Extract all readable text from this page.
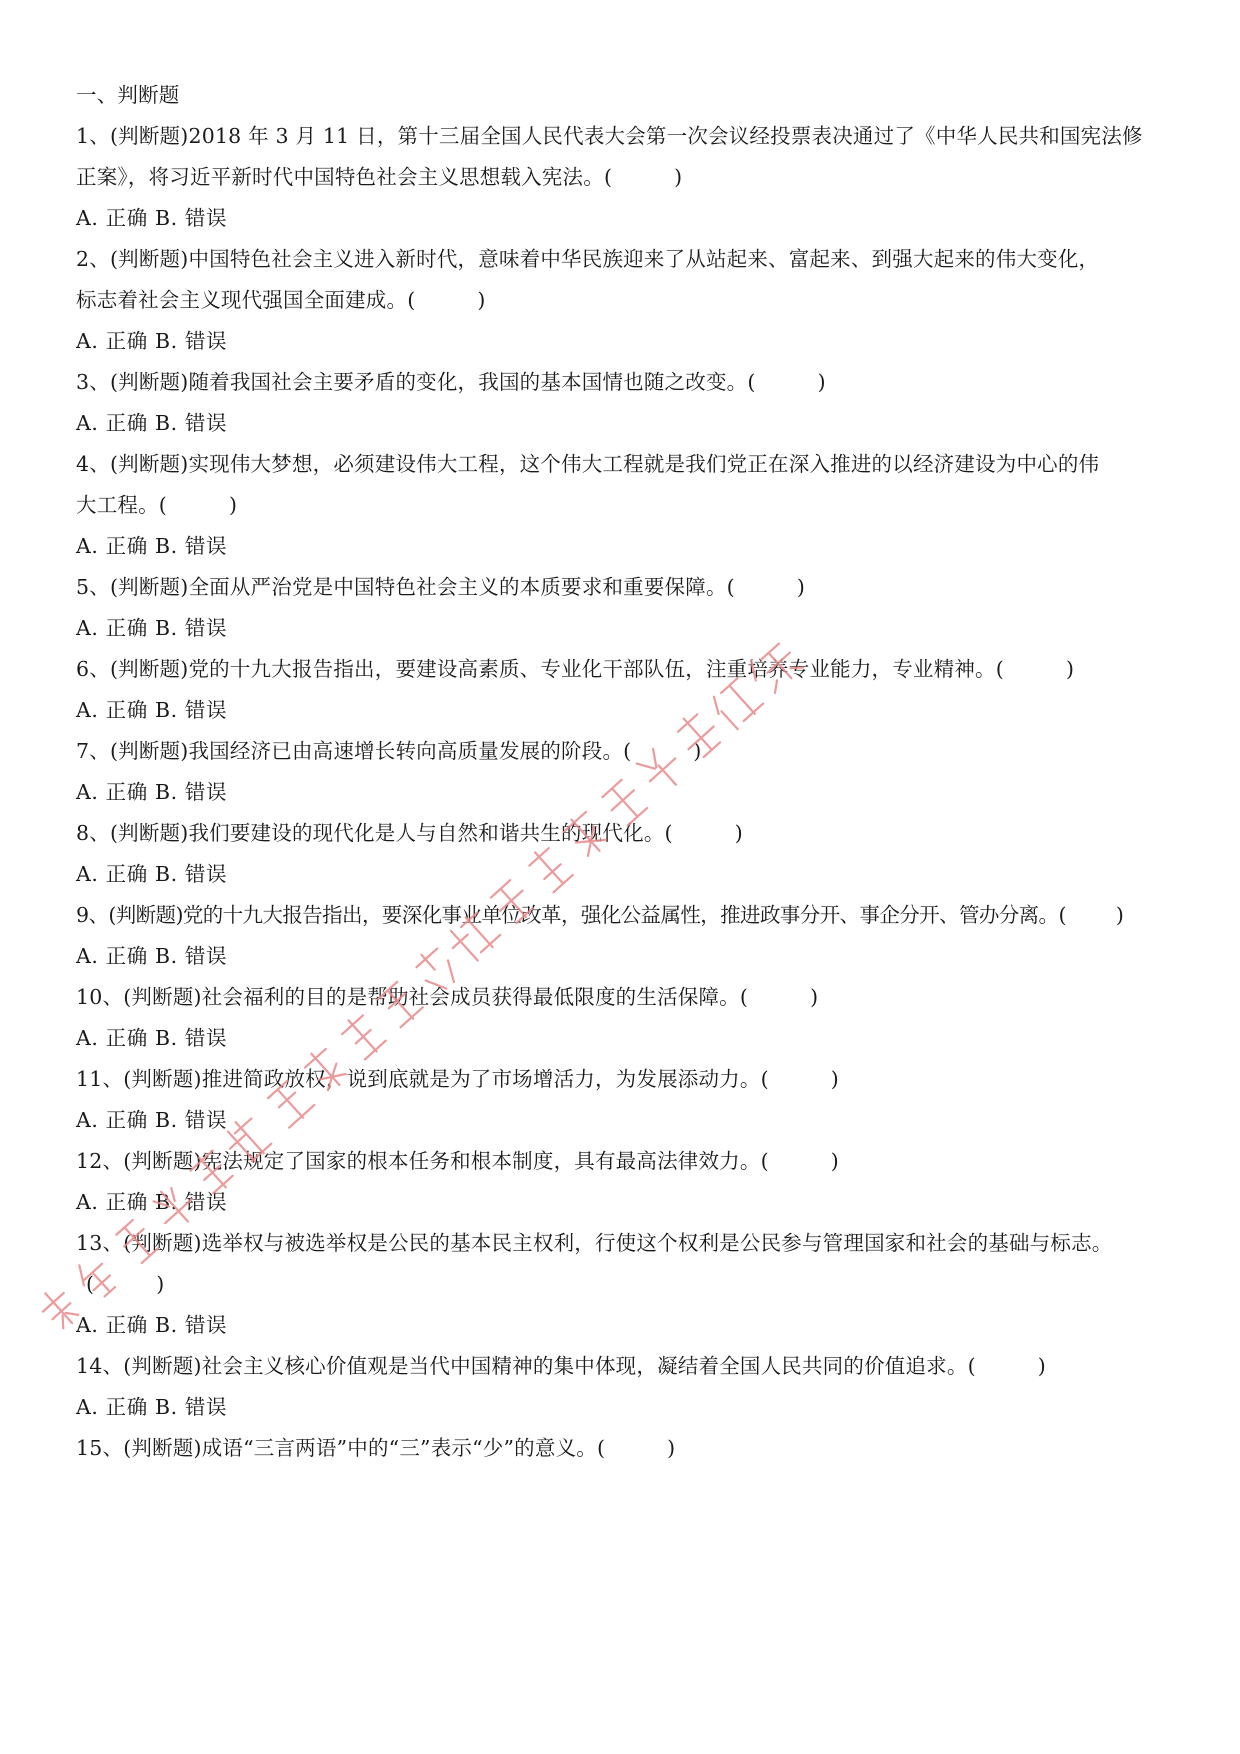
一、判断题
1、(判断题)2018 年 3 月 11 日，第十三届全国人民代表大会第一次会议经投票表决通过了《中华人民共和国宪法修
正案》，将习近平新时代中国特色社会主义思想载入宪法。(	)
A. 正确 B. 错误
2、(判断题)中国特色社会主义进入新时代，意味着中华民族迎来了从站起来、富起来、到强大起来的伟大变化，
标志着社会主义现代强国全面建成。(	)
A. 正确 B. 错误
3、(判断题)随着我国社会主要矛盾的变化，我国的基本国情也随之改变。(	)
A. 正确 B. 错误
4、(判断题)实现伟大梦想，必须建设伟大工程，这个伟大工程就是我们党正在深入推进的以经济建设为中心的伟
大工程。(	)
A. 正确 B. 错误
5、(判断题)全面从严治党是中国特色社会主义的本质要求和重要保障。(	)
A. 正确 B. 错误
6、(判断题)党的十九大报告指出，要建设高素质、专业化干部队伍，注重培养专业能力，专业精神。(	)
A. 正确 B. 错误
7、(判断题)我国经济已由高速增长转向高质量发展的阶段。(	)
A. 正确 B. 错误
8、(判断题)我们要建设的现代化是人与自然和谐共生的现代化。(	)
A. 正确 B. 错误
9、(判断题)党的十九大报告指出，要深化事业单位改革，强化公益属性，推进政事分开、事企分开、管办分离。( )
A. 正确 B. 错误
10、(判断题)社会福利的目的是帮助社会成员获得最低限度的生活保障。(	)
A. 正确 B. 错误
11、(判断题)推进简政放权，说到底就是为了市场增活力，为发展添动力。(	)
A. 正确 B. 错误
12、(判断题)宪法规定了国家的根本任务和根本制度，具有最高法律效力。(	)
A. 正确 B. 错误
13、(判断题)选举权与被选举权是公民的基本民主权利，行使这个权利是公民参与管理国家和社会的基础与标志。
(	)
A. 正确 B. 错误
14、(判断题)社会主义核心价值观是当代中国精神的集中体现，凝结着全国人民共同的价值追求。(	)
A. 正确 B. 错误
15、(判断题)成语“三言两语”中的“三”表示“少”的意义。(	)
